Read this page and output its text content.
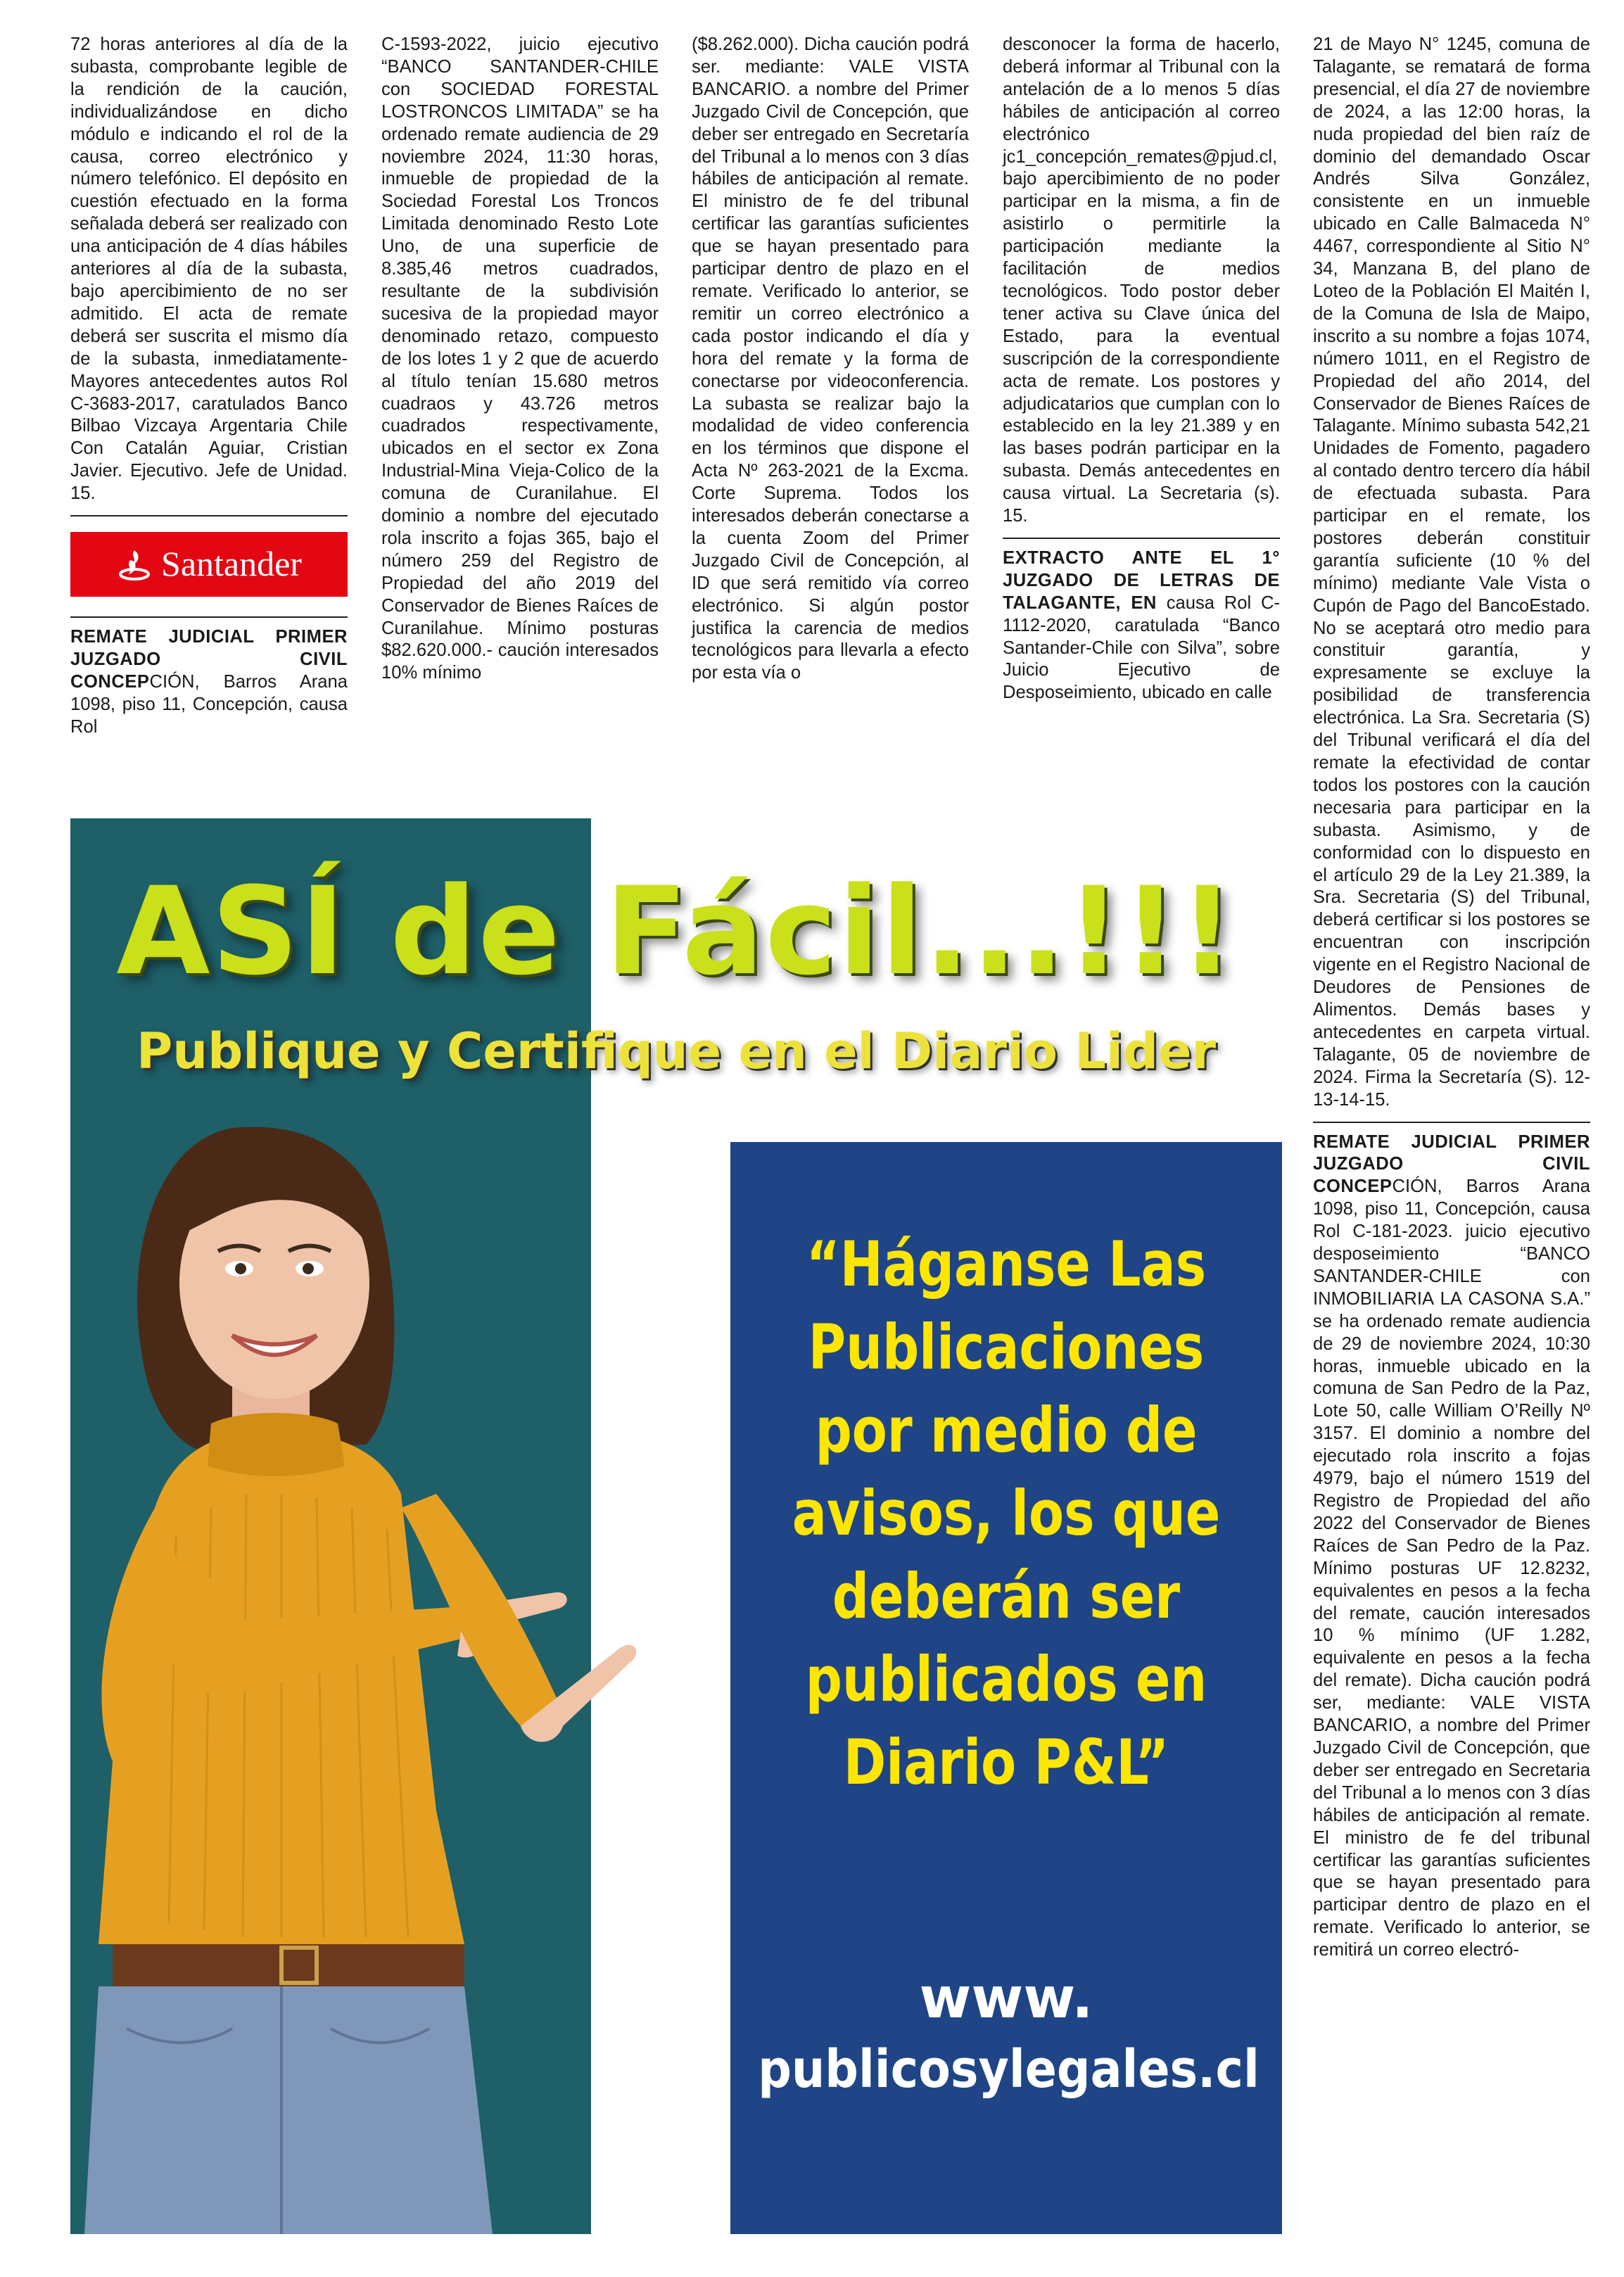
72 horas anteriores al día de la subasta, comprobante legible de la rendición de la caución, individualizándose en dicho módulo e indicando el rol de la causa, correo electrónico y número telefónico. El depósito en cuestión efectuado en la forma señalada deberá ser realizado con una anticipación de 4 días hábiles anteriores al día de la subasta, bajo apercibimiento de no ser admitido. El acta de remate deberá ser suscrita el mismo día de la subasta, inmediatamente- Mayores antecedentes autos Rol C-3683-2017, caratulados Banco Bilbao Vizcaya Argentaria Chile Con Catalán Aguiar, Cristian Javier. Ejecutivo. Jefe de Unidad. 15.

Santander

REMATE JUDICIAL PRIMER JUZGADO CIVIL CONCEPCIÓN, Barros Arana 1098, piso 11, Concepción, causa Rol

C-1593-2022, juicio ejecutivo “BANCO SANTANDER-CHILE con SOCIEDAD FORESTAL LOSTRONCOS LIMITADA” se ha ordenado remate audiencia de 29 noviembre 2024, 11:30 horas, inmueble de propiedad de la Sociedad Forestal Los Troncos Limitada denominado Resto Lote Uno, de una superficie de 8.385,46 metros cuadrados, resultante de la subdivisión sucesiva de la propiedad mayor denominado retazo, compuesto de los lotes 1 y 2 que de acuerdo al título tenían 15.680 metros cuadraos y 43.726 metros cuadrados respectivamente, ubicados en el sector ex Zona Industrial-Mina Vieja-Colico de la comuna de Curanilahue. El dominio a nombre del ejecutado rola inscrito a fojas 365, bajo el número 259 del Registro de Propiedad del año 2019 del Conservador de Bienes Raíces de Curanilahue. Mínimo posturas $82.620.000.- caución interesados 10% mínimo

($8.262.000). Dicha caución podrá ser. mediante: VALE VISTA BANCARIO. a nombre del Primer Juzgado Civil de Concepción, que deber ser entregado en Secretaría del Tribunal a lo menos con 3 días hábiles de anticipación al remate. El ministro de fe del tribunal certificar las garantías suficientes que se hayan presentado para participar dentro de plazo en el remate. Verificado lo anterior, se remitir un correo electrónico a cada postor indicando el día y hora del remate y la forma de conectarse por videoconferencia. La subasta se realizar bajo la modalidad de video conferencia en los términos que dispone el Acta Nº 263-2021 de la Excma. Corte Suprema. Todos los interesados deberán conectarse a la cuenta Zoom del Primer Juzgado Civil de Concepción, al ID que será remitido vía correo electrónico. Si algún postor justifica la carencia de medios tecnológicos para llevarla a efecto por esta vía o

desconocer la forma de hacerlo, deberá informar al Tribunal con la antelación de a lo menos 5 días hábiles de anticipación al correo electrónico jc1_concepción_remates@pjud.cl, bajo apercibimiento de no poder participar en la misma, a fin de asistirlo o permitirle la participación mediante la facilitación de medios tecnológicos. Todo postor deber tener activa su Clave única del Estado, para la eventual suscripción de la correspondiente acta de remate. Los postores y adjudicatarios que cumplan con lo establecido en la ley 21.389 y en las bases podrán participar en la subasta. Demás antecedentes en causa virtual. La Secretaria (s). 15.

EXTRACTO ANTE EL 1° JUZGADO DE LETRAS DE TALAGANTE, EN causa Rol C-1112-2020, caratulada “Banco Santander-Chile con Silva”, sobre Juicio Ejecutivo de Desposeimiento, ubicado en calle

21 de Mayo N° 1245, comuna de Talagante, se rematará de forma presencial, el día 27 de noviembre de 2024, a las 12:00 horas, la nuda propiedad del bien raíz de dominio del demandado Oscar Andrés Silva González, consistente en un inmueble ubicado en Calle Balmaceda N° 4467, correspondiente al Sitio N° 34, Manzana B, del plano de Loteo de la Población El Maitén I, de la Comuna de Isla de Maipo, inscrito a su nombre a fojas 1074, número 1011, en el Registro de Propiedad del año 2014, del Conservador de Bienes Raíces de Talagante. Mínimo subasta 542,21 Unidades de Fomento, pagadero al contado dentro tercero día hábil de efectuada subasta. Para participar en el remate, los postores deberán constituir garantía suficiente (10 % del mínimo) mediante Vale Vista o Cupón de Pago del BancoEstado. No se aceptará otro medio para constituir garantía, y expresamente se excluye la posibilidad de transferencia electrónica. La Sra. Secretaria (S) del Tribunal verificará el día del remate la efectividad de contar todos los postores con la caución necesaria para participar en la subasta. Asimismo, y de conformidad con lo dispuesto en el artículo 29 de la Ley 21.389, la Sra. Secretaria (S) del Tribunal, deberá certificar si los postores se encuentran con inscripción vigente en el Registro Nacional de Deudores de Pensiones de Alimentos. Demás bases y antecedentes en carpeta virtual. Talagante, 05 de noviembre de 2024. Firma la Secretaría (S). 12-13-14-15.

REMATE JUDICIAL PRIMER JUZGADO CIVIL CONCEPCIÓN, Barros Arana 1098, piso 11, Concepción, causa Rol C-181-2023. juicio ejecutivo desposeimiento “BANCO SANTANDER-CHILE con INMOBILIARIA LA CASONA S.A.” se ha ordenado remate audiencia de 29 de noviembre 2024, 10:30 horas, inmueble ubicado en la comuna de San Pedro de la Paz, Lote 50, calle William O’Reilly Nº 3157. El dominio a nombre del ejecutado rola inscrito a fojas 4979, bajo el número 1519 del Registro de Propiedad del año 2022 del Conservador de Bienes Raíces de San Pedro de la Paz. Mínimo posturas UF 12.8232, equivalentes en pesos a la fecha del remate, caución interesados 10 % mínimo (UF 1.282, equivalente en pesos a la fecha del remate). Dicha caución podrá ser, mediante: VALE VISTA BANCARIO, a nombre del Primer Juzgado Civil de Concepción, que deber ser entregado en Secretaria del Tribunal a lo menos con 3 días hábiles de anticipación al remate. El ministro de fe del tribunal certificar las garantías suficientes que se hayan presentado para participar dentro de plazo en el remate. Verificado lo anterior, se remitirá un correo electró-

ASÍ de Fácil...!!!
Publique y Certifique en el Diario Lider
“Háganse Las Publicaciones por medio de avisos, los que deberán ser publicados en Diario P&L”
www.
publicosylegales.cl
